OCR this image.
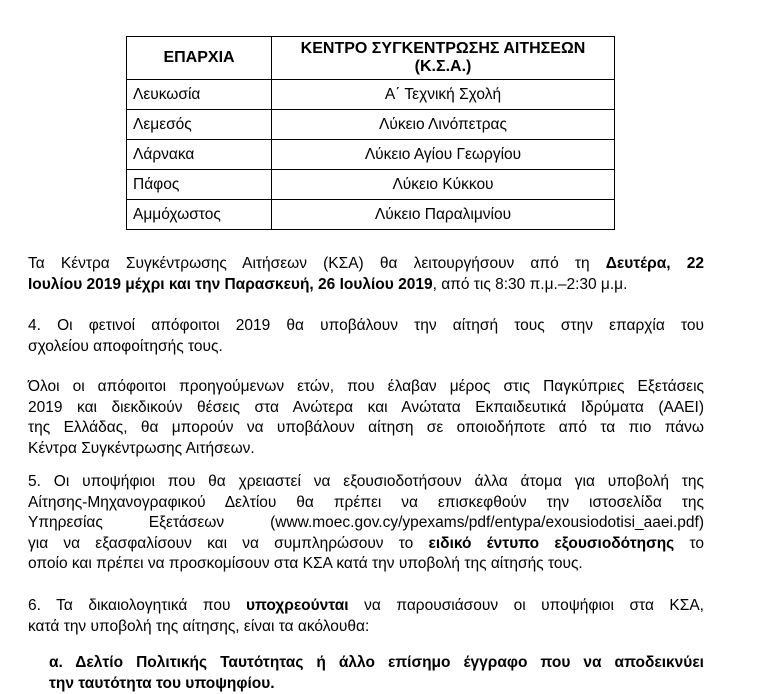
ΕΠΑΡΧΙΑ	ΚΕΝΤΡΟ ΣΥΓΚΕΝΤΡΩΣΗΣ ΑΙΤΗΣΕΩΝ
(Κ.Σ.Α.)

Λευκωσία	Α΄ Τεχνική Σχολή
Λεμεσός	Λύκειο Λινόπετρας
Λάρνακα	Λύκειο Αγίου Γεωργίου
Πάφος	Λύκειο Κύκκου
Αμμόχωστος	Λύκειο Παραλιμνίου
Τα Κέντρα Συγκέντρωσης Αιτήσεων (ΚΣΑ) θα λειτουργήσουν από τη Δευτέρα, 22
Ιουλίου 2019 μέχρι και την Παρασκευή, 26 Ιουλίου 2019, από τις 8:30 π.μ.–2:30 μ.μ.
4. Οι φετινοί απόφοιτοι 2019 θα υποβάλουν την αίτησή τους στην επαρχία του
σχολείου αποφοίτησής τους.
Όλοι οι απόφοιτοι προηγούμενων ετών, που έλαβαν μέρος στις Παγκύπριες Εξετάσεις
2019 και διεκδικούν θέσεις στα Ανώτερα και Ανώτατα Εκπαιδευτικά Ιδρύματα (ΑΑΕΙ)
της Ελλάδας, θα μπορούν να υποβάλουν αίτηση σε οποιοδήποτε από τα πιο πάνω
Κέντρα Συγκέντρωσης Αιτήσεων.
5. Οι υποψήφιοι που θα χρειαστεί να εξουσιοδοτήσουν άλλα άτομα για υποβολή της
Αίτησης-Μηχανογραφικού Δελτίου θα πρέπει να επισκεφθούν την ιστοσελίδα της
Υπηρεσίας Εξετάσεων (www.moec.gov.cy/ypexams/pdf/entypa/exousiodotisi_aaei.pdf)
για να εξασφαλίσουν και να συμπληρώσουν το ειδικό έντυπο εξουσιοδότησης το
οποίο και πρέπει να προσκομίσουν στα ΚΣΑ κατά την υποβολή της αίτησής τους.
6. Τα δικαιολογητικά που υποχρεούνται να παρουσιάσουν οι υποψήφιοι στα ΚΣΑ,
κατά την υποβολή της αίτησης, είναι τα ακόλουθα:
α. Δελτίο Πολιτικής Ταυτότητας ή άλλο επίσημο έγγραφο που να αποδεικνύει
την ταυτότητα του υποψηφίου.
